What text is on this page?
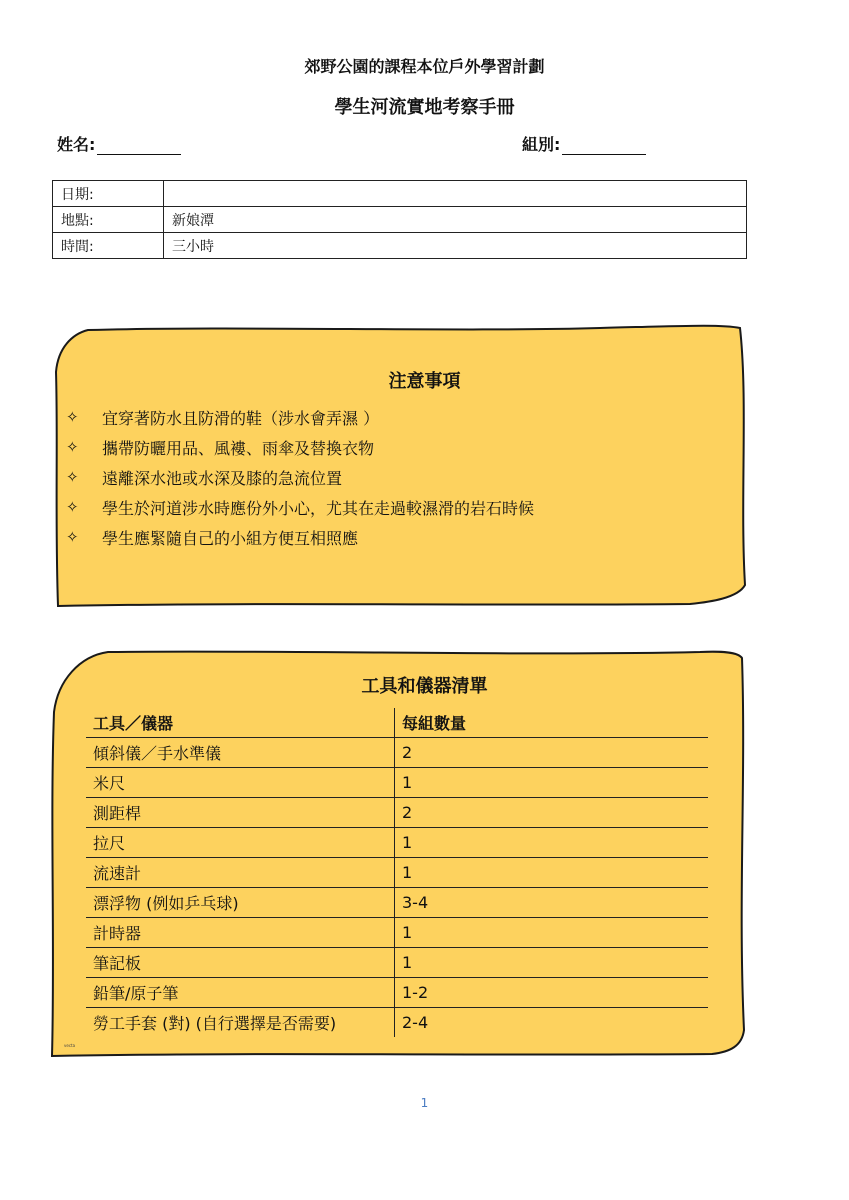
郊野公園的課程本位戶外學習計劃
學生河流實地考察手冊
姓名:	組別:
日期:	
地點:	新娘潭
時間:	三小時
注意事項
✧	宜穿著防水且防滑的鞋（涉水會弄濕 ）
✧	攜帶防曬用品、風褸、雨傘及替換衣物
✧	遠離深水池或水深及膝的急流位置
✧	學生於河道涉水時應份外小心，尤其在走過較濕滑的岩石時候
✧	學生應緊隨自己的小組方便互相照應
工具和儀器清單
工具／儀器	每組數量
傾斜儀／手水準儀	2
米尺	1
測距桿	2
拉尺	1
流速計	1
漂浮物 (例如乒乓球)	3-4
計時器	1
筆記板	1
鉛筆/原子筆	1-2
勞工手套 (對) (自行選擇是否需要)	2-4
vecta
1
